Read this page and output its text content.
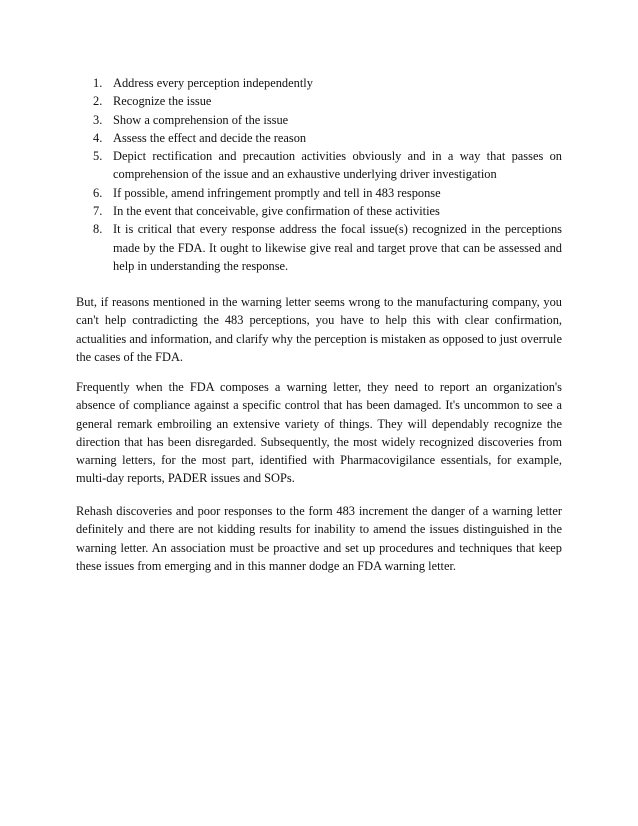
1. Address every perception independently
2. Recognize the issue
3. Show a comprehension of the issue
4. Assess the effect and decide the reason
5. Depict rectification and precaution activities obviously and in a way that passes on comprehension of the issue and an exhaustive underlying driver investigation
6. If possible, amend infringement promptly and tell in 483 response
7. In the event that conceivable, give confirmation of these activities
8. It is critical that every response address the focal issue(s) recognized in the perceptions made by the FDA. It ought to likewise give real and target prove that can be assessed and help in understanding the response.

But, if reasons mentioned in the warning letter seems wrong to the manufacturing company, you can't help contradicting the 483 perceptions, you have to help this with clear confirmation, actualities and information, and clarify why the perception is mistaken as opposed to just overrule the cases of the FDA.

Frequently when the FDA composes a warning letter, they need to report an organization's absence of compliance against a specific control that has been damaged. It's uncommon to see a general remark embroiling an extensive variety of things. They will dependably recognize the direction that has been disregarded. Subsequently, the most widely recognized discoveries from warning letters, for the most part, identified with Pharmacovigilance essentials, for example, multi-day reports, PADER issues and SOPs.

Rehash discoveries and poor responses to the form 483 increment the danger of a warning letter definitely and there are not kidding results for inability to amend the issues distinguished in the warning letter. An association must be proactive and set up procedures and techniques that keep these issues from emerging and in this manner dodge an FDA warning letter.
